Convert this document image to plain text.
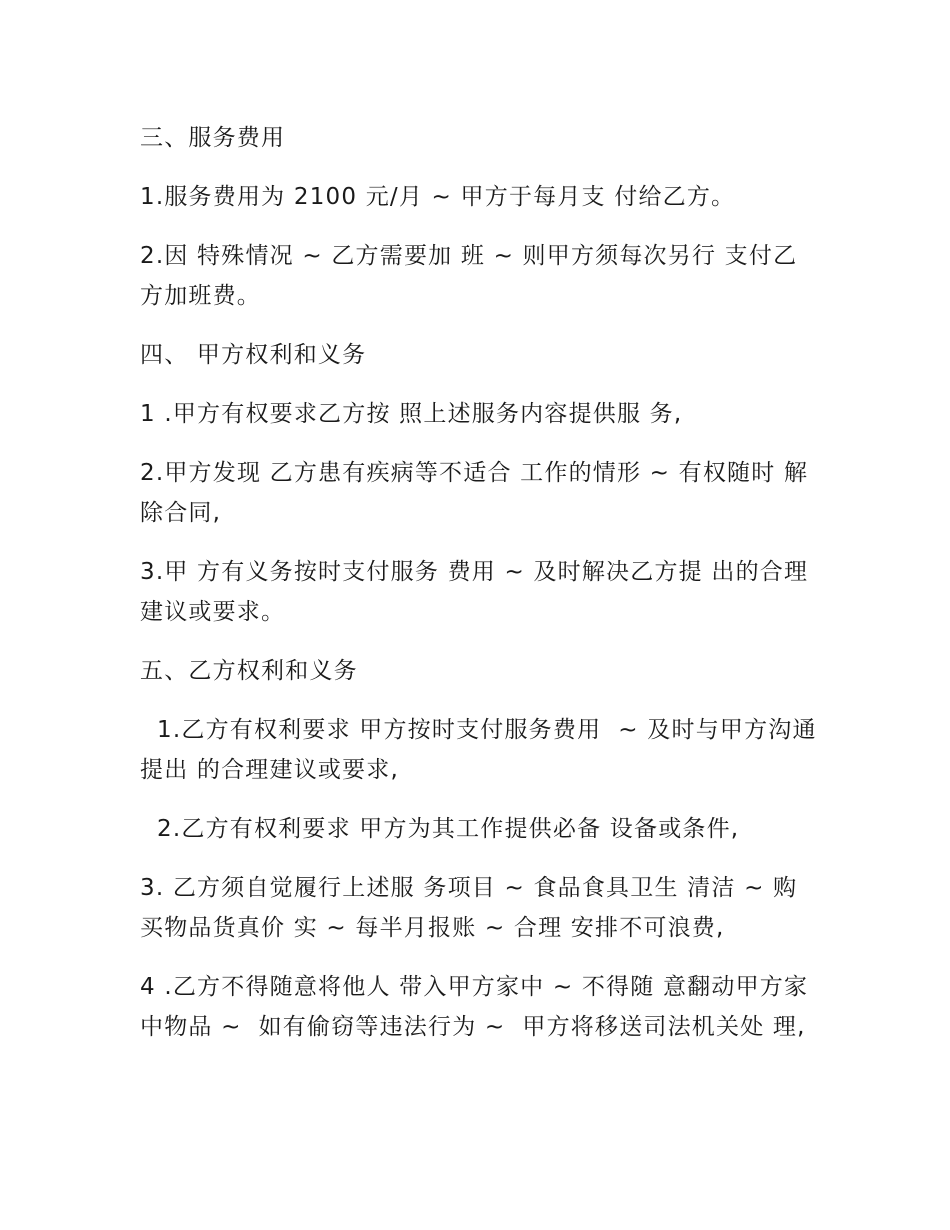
三、服务费用

1.服务费用为 2100 元/月 ~ 甲方于每月支 付给乙方。

2.因 特殊情况 ~ 乙方需要加 班 ~ 则甲方须每次另行 支付乙方加班费。

四、 甲方权利和义务

1 .甲方有权要求乙方按 照上述服务内容提供服 务,

2.甲方发现 乙方患有疾病等不适合 工作的情形 ~ 有权随时 解除合同,

3.甲 方有义务按时支付服务 费用 ~ 及时解决乙方提 出的合理建议或要求。

五、乙方权利和义务

1.乙方有权利要求 甲方按时支付服务费用  ~ 及时与甲方沟通提出 的合理建议或要求,

2.乙方有权利要求 甲方为其工作提供必备 设备或条件,

3. 乙方须自觉履行上述服 务项目 ~ 食品食具卫生 清洁 ~ 购买物品货真价 实 ~ 每半月报账 ~ 合理 安排不可浪费,

4 .乙方不得随意将他人 带入甲方家中 ~ 不得随 意翻动甲方家中物品 ~  如有偷窃等违法行为 ~  甲方将移送司法机关处 理,
